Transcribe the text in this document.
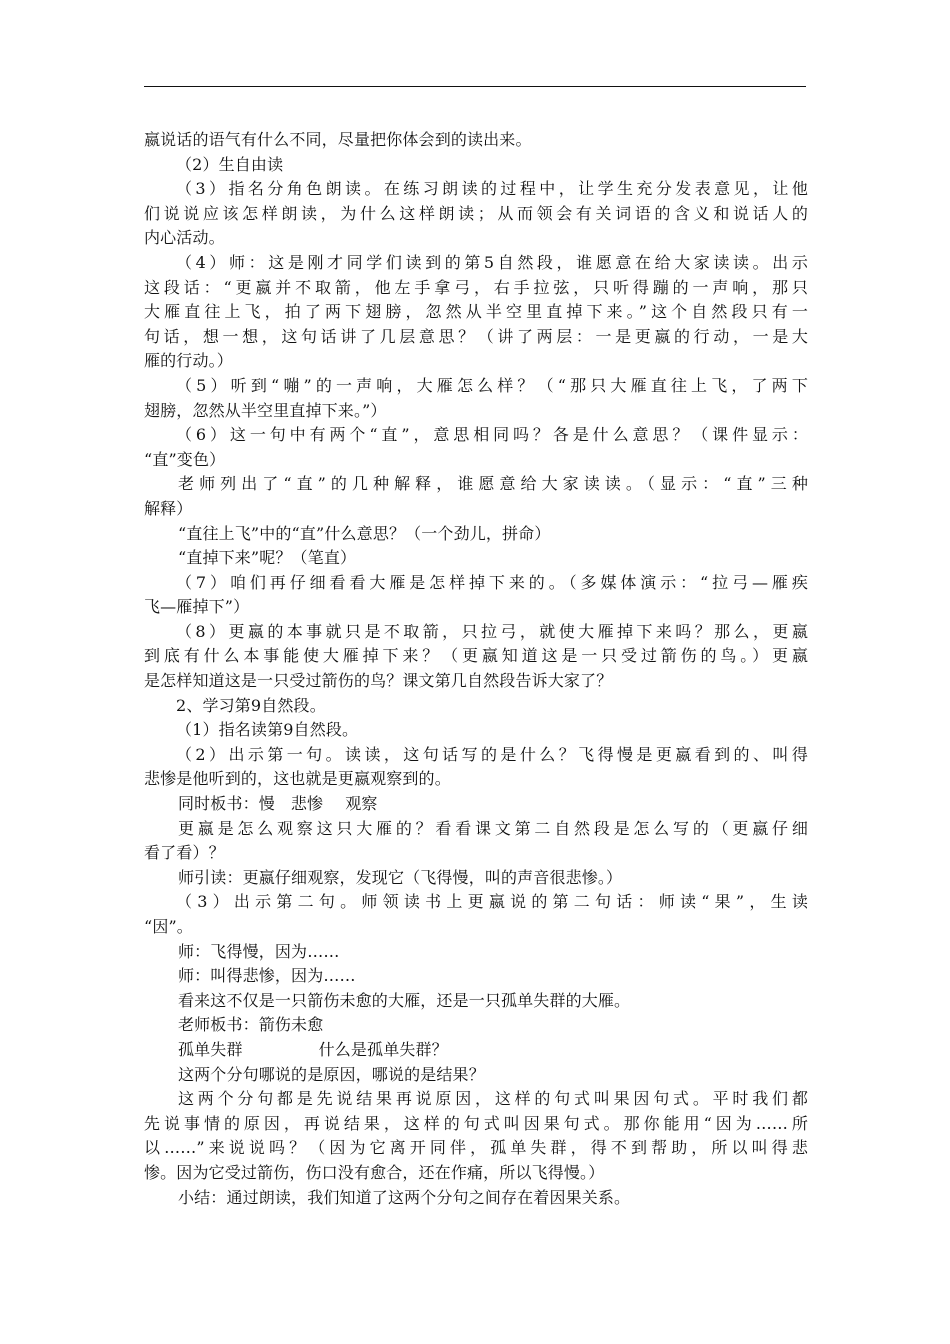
嬴说话的语气有什么不同，尽量把你体会到的读出来。

（2）生自由读

（3）指名分角色朗读。在练习朗读的过程中，让学生充分发表意见，让他

们说说应该怎样朗读，为什么这样朗读；从而领会有关词语的含义和说话人的

内心活动。

（4）师：这是刚才同学们读到的第5自然段，谁愿意在给大家读读。出示

这段话：“更嬴并不取箭，他左手拿弓，右手拉弦，只听得蹦的一声响，那只

大雁直往上飞，拍了两下翅膀，忽然从半空里直掉下来。”这个自然段只有一

句话，想一想，这句话讲了几层意思？（讲了两层：一是更嬴的行动，一是大

雁的行动。）

（5）听到“嘣”的一声响，大雁怎么样？（“那只大雁直往上飞，了两下

翅膀，忽然从半空里直掉下来。”）

（6）这一句中有两个“直”，意思相同吗？各是什么意思？（课件显示：

“直”变色）

老师列出了“直”的几种解释，谁愿意给大家读读。（显示：“直”三种

解释）

“直往上飞”中的“直”什么意思？（一个劲儿，拼命）

“直掉下来”呢？（笔直）

（7）咱们再仔细看看大雁是怎样掉下来的。（多媒体演示：“拉弓—雁疾

飞—雁掉下”）

（8）更嬴的本事就只是不取箭，只拉弓，就使大雁掉下来吗？那么，更嬴

到底有什么本事能使大雁掉下来？（更嬴知道这是一只受过箭伤的鸟。）更嬴

是怎样知道这是一只受过箭伤的鸟？课文第几自然段告诉大家了？

2、学习第9自然段。

（1）指名读第9自然段。

（2）出示第一句。读读，这句话写的是什么？飞得慢是更嬴看到的、叫得

悲惨是他听到的，这也就是更嬴观察到的。

同时板书：慢 悲惨 观察

更嬴是怎么观察这只大雁的？看看课文第二自然段是怎么写的（更嬴仔细

看了看）？

师引读：更嬴仔细观察，发现它（飞得慢，叫的声音很悲惨。）

（3）出示第二句。师领读书上更嬴说的第二句话：师读“果”，生读

“因”。

师：飞得慢，因为……

师：叫得悲惨，因为……

看来这不仅是一只箭伤未愈的大雁，还是一只孤单失群的大雁。

老师板书：箭伤未愈

孤单失群	什么是孤单失群？

这两个分句哪说的是原因，哪说的是结果？

这两个分句都是先说结果再说原因，这样的句式叫果因句式。平时我们都

先说事情的原因，再说结果，这样的句式叫因果句式。那你能用“因为……所

以……”来说说吗？（因为它离开同伴，孤单失群，得不到帮助，所以叫得悲

惨。因为它受过箭伤，伤口没有愈合，还在作痛，所以飞得慢。）

小结：通过朗读，我们知道了这两个分句之间存在着因果关系。
